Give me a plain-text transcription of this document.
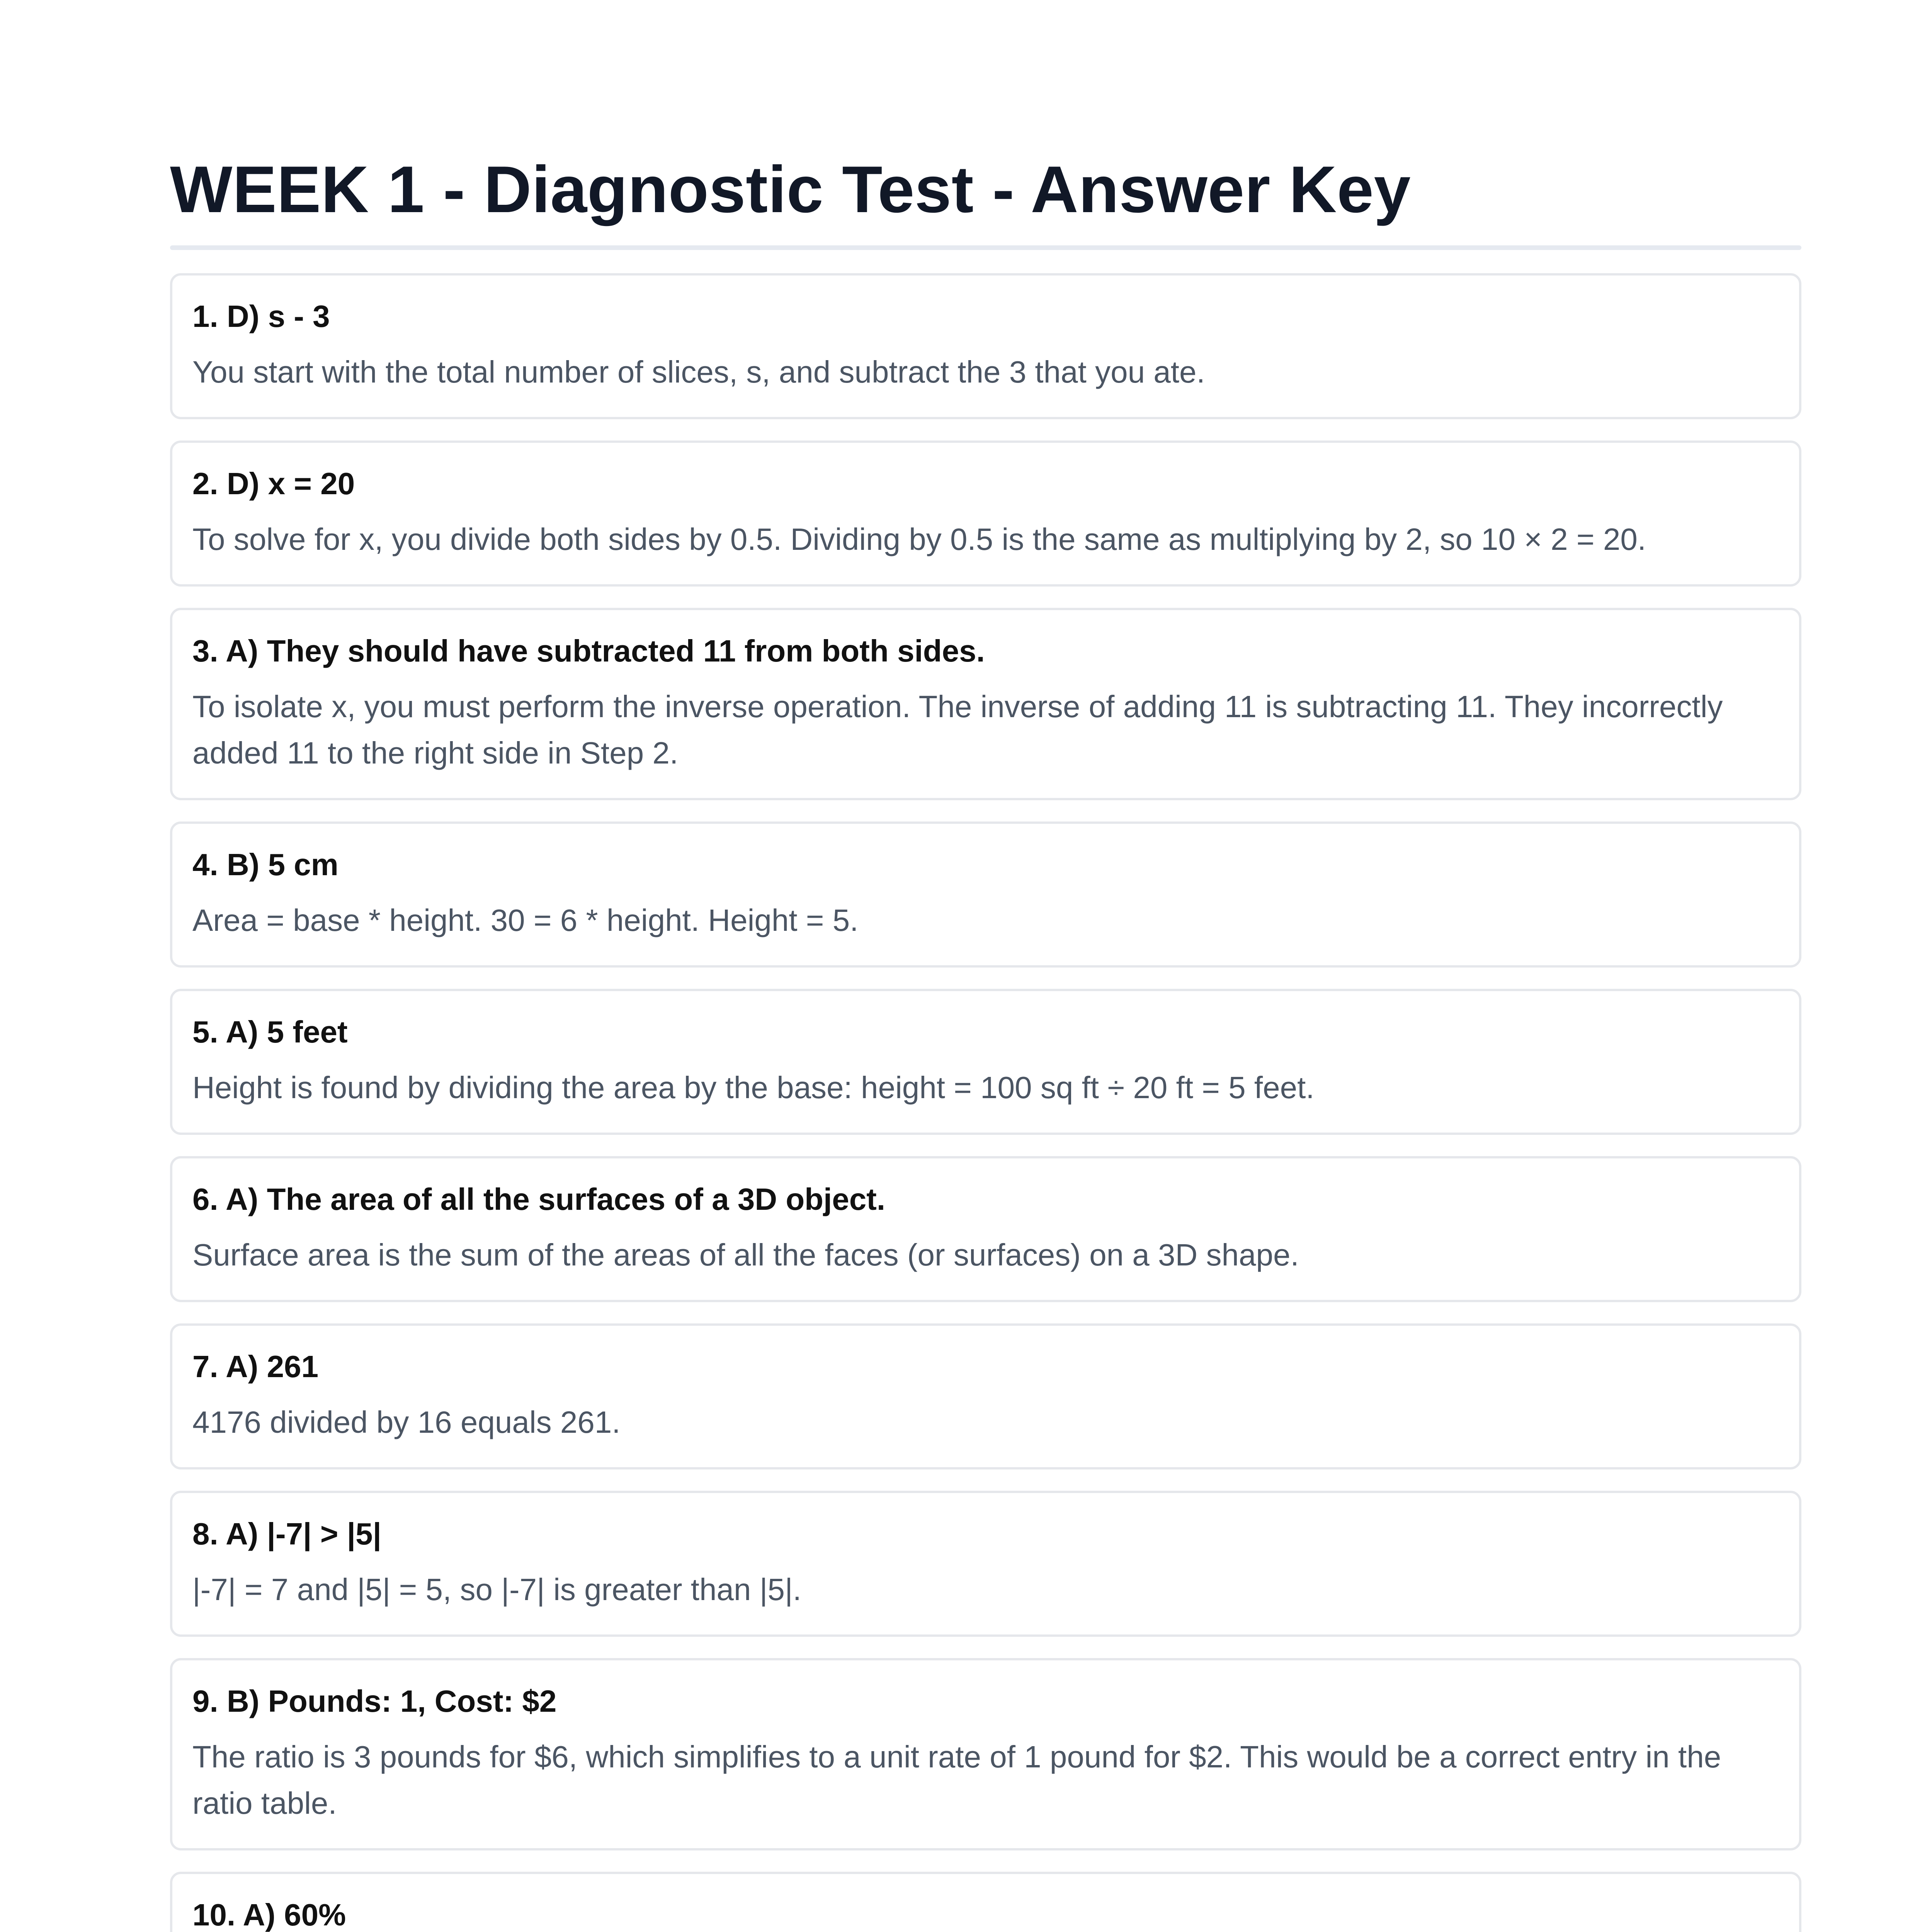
WEEK 1 - Diagnostic Test - Answer Key
1. D) s - 3
You start with the total number of slices, s, and subtract the 3 that you ate.
2. D) x = 20
To solve for x, you divide both sides by 0.5. Dividing by 0.5 is the same as multiplying by 2, so 10 × 2 = 20.
3. A) They should have subtracted 11 from both sides.
To isolate x, you must perform the inverse operation. The inverse of adding 11 is subtracting 11. They incorrectly added 11 to the right side in Step 2.
4. B) 5 cm
Area = base * height. 30 = 6 * height. Height = 5.
5. A) 5 feet
Height is found by dividing the area by the base: height = 100 sq ft ÷ 20 ft = 5 feet.
6. A) The area of all the surfaces of a 3D object.
Surface area is the sum of the areas of all the faces (or surfaces) on a 3D shape.
7. A) 261
4176 divided by 16 equals 261.
8. A) |-7| > |5|
|-7| = 7 and |5| = 5, so |-7| is greater than |5|.
9. B) Pounds: 1, Cost: $2
The ratio is 3 pounds for $6, which simplifies to a unit rate of 1 pound for $2. This would be a correct entry in the ratio table.
10. A) 60%
